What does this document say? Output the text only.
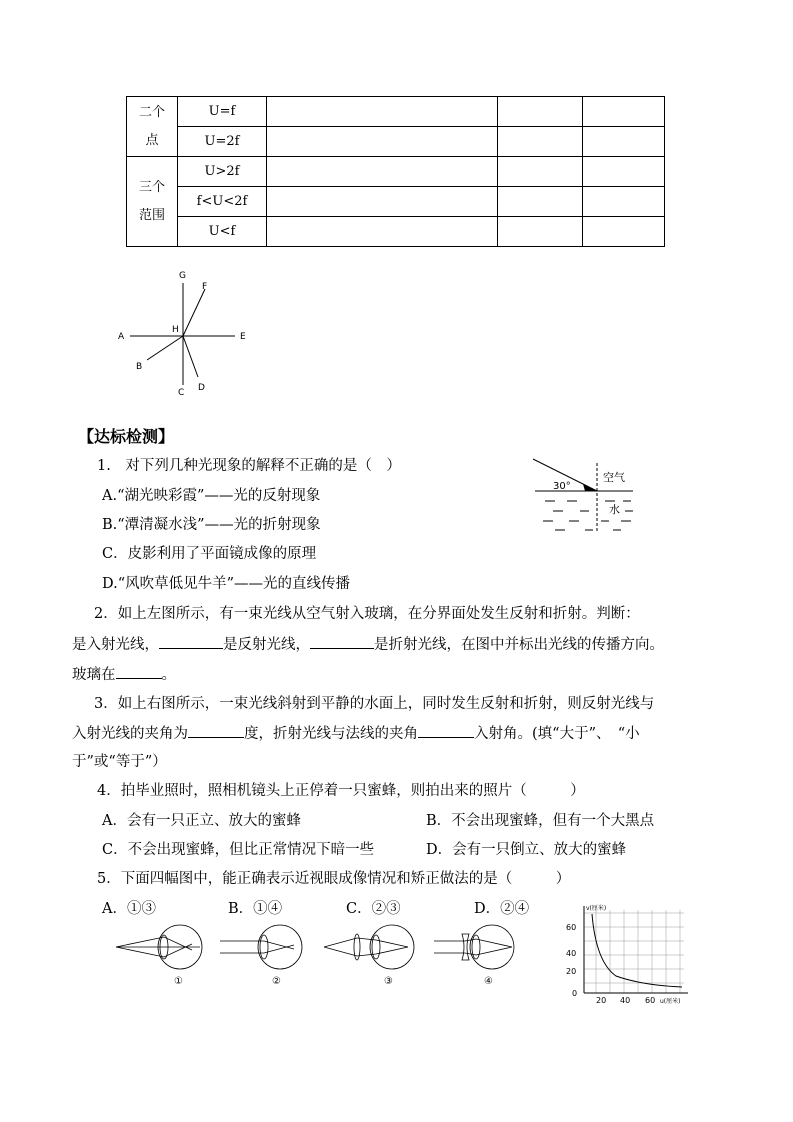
二个
点	U=f			
	U=2f			
三个
范围	U>2f			
	f<U<2f			
	U<f			
G
F
A
H
E
B
C D
【达标检测】
1.　对下列几种光现象的解释不正确的是（　）
A.“湖光映彩霞”——光的反射现象
B.“潭清凝水浅”——光的折射现象
C．皮影利用了平面镜成像的原理
D.“风吹草低见牛羊”——光的直线传播
30°
空气
水
2．如上左图所示，有一束光线从空气射入玻璃，在分界面处发生反射和折射。判断：
是入射光线，	是反射光线，	是折射光线，在图中并标出光线的传播方向。
玻璃在	。
3．如上右图所示，一束光线斜射到平静的水面上，同时发生反射和折射，则反射光线与
入射光线的夹角为	度，折射光线与法线的夹角	入射角。(填“大于”、　“小
于”或“等于”）
4．拍毕业照时，照相机镜头上正停着一只蜜蜂，则拍出来的照片（　　　）
A．会有一只正立、放大的蜜蜂	B．不会出现蜜蜂，但有一个大黑点
C．不会出现蜜蜂，但比正常情况下暗一些	D．会有一只倒立、放大的蜜蜂
5．下面四幅图中，能正确表示近视眼成像情况和矫正做法的是（　　　）
A．①③	B．①④	C．②③	D．②④
①	②	③	④
v(厘米)
60
40
20
0
20 40 60 u(厘米)
